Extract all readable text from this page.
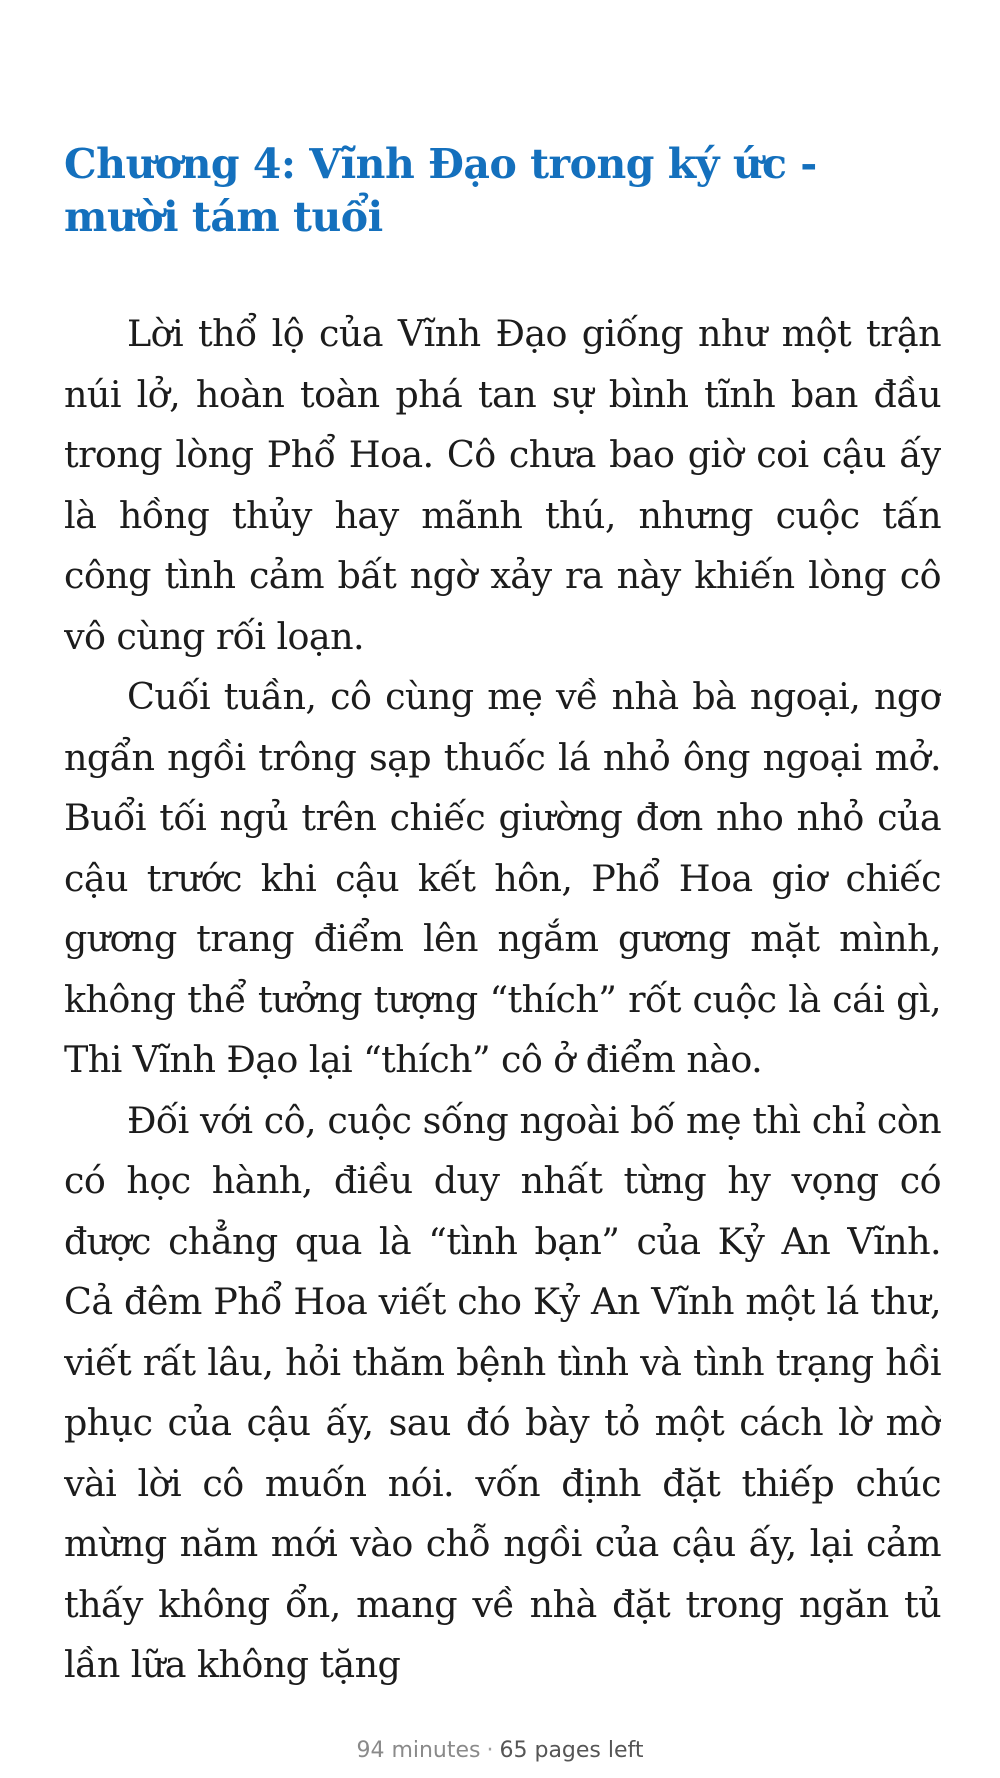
Chương 4: Vĩnh Đạo trong ký ức - mười tám tuổi

Lời thổ lộ của Vĩnh Đạo giống như một trận núi lở, hoàn toàn phá tan sự bình tĩnh ban đầu trong lòng Phổ Hoa. Cô chưa bao giờ coi cậu ấy là hồng thủy hay mãnh thú, nhưng cuộc tấn công tình cảm bất ngờ xảy ra này khiến lòng cô vô cùng rối loạn.

Cuối tuần, cô cùng mẹ về nhà bà ngoại, ngơ ngẩn ngồi trông sạp thuốc lá nhỏ ông ngoại mở. Buổi tối ngủ trên chiếc giường đơn nho nhỏ của cậu trước khi cậu kết hôn, Phổ Hoa giơ chiếc gương trang điểm lên ngắm gương mặt mình, không thể tưởng tượng “thích” rốt cuộc là cái gì, Thi Vĩnh Đạo lại “thích” cô ở điểm nào.

Đối với cô, cuộc sống ngoài bố mẹ thì chỉ còn có học hành, điều duy nhất từng hy vọng có được chẳng qua là “tình bạn” của Kỷ An Vĩnh. Cả đêm Phổ Hoa viết cho Kỷ An Vĩnh một lá thư, viết rất lâu, hỏi thăm bệnh tình và tình trạng hồi phục của cậu ấy, sau đó bày tỏ một cách lờ mờ vài lời cô muốn nói. vốn định đặt thiếp chúc mừng năm mới vào chỗ ngồi của cậu ấy, lại cảm thấy không ổn, mang về nhà đặt trong ngăn tủ lần lữa không tặng

94 minutes · 65 pages left
